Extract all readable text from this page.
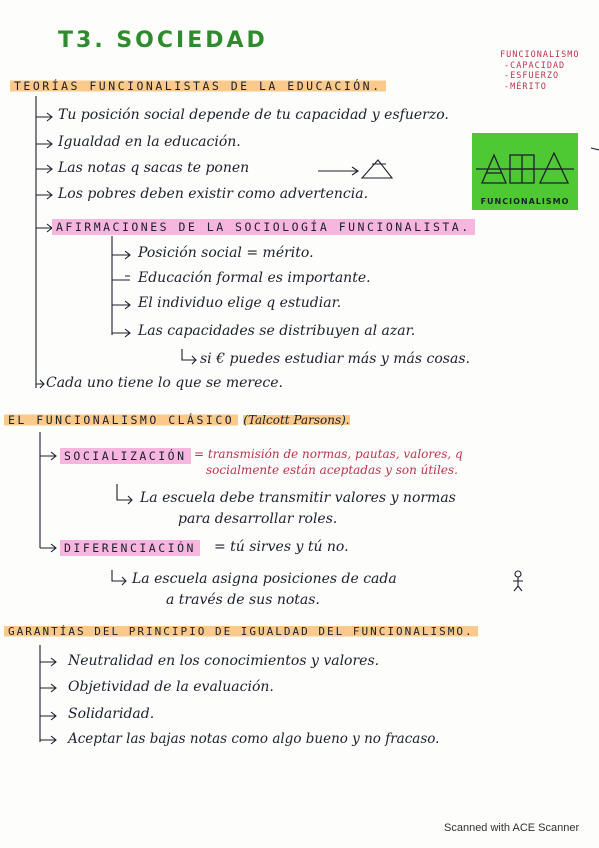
T3. SOCIEDAD
FUNCIONALISMO
-CAPACIDAD
-ESFUERZO
-MÉRITO
FUNCIONALISMO
TEORÍAS FUNCIONALISTAS DE LA EDUCACIÓN.
Tu posición social depende de tu capacidad y esfuerzo.
Igualdad en la educación.
Las notas q sacas te ponen
Los pobres deben existir como advertencia.
AFIRMACIONES DE LA SOCIOLOGÍA FUNCIONALISTA.
Posición social = mérito.
Educación formal es importante.
El individuo elige q estudiar.
Las capacidades se distribuyen al azar.
si € puedes estudiar más y más cosas.
Cada uno tiene lo que se merece.
EL FUNCIONALISMO CLÁSICO (Talcott Parsons).
SOCIALIZACIÓN = transmisión de normas, pautas, valores, q
socialmente están aceptadas y son útiles.
La escuela debe transmitir valores y normas
para desarrollar roles.
DIFERENCIACIÓN = tú sirves y tú no.
La escuela asigna posiciones de cada
a través de sus notas.
GARANTÍAS DEL PRINCIPIO DE IGUALDAD DEL FUNCIONALISMO.
Neutralidad en los conocimientos y valores.
Objetividad de la evaluación.
Solidaridad.
Aceptar las bajas notas como algo bueno y no fracaso.
Scanned with ACE Scanner
